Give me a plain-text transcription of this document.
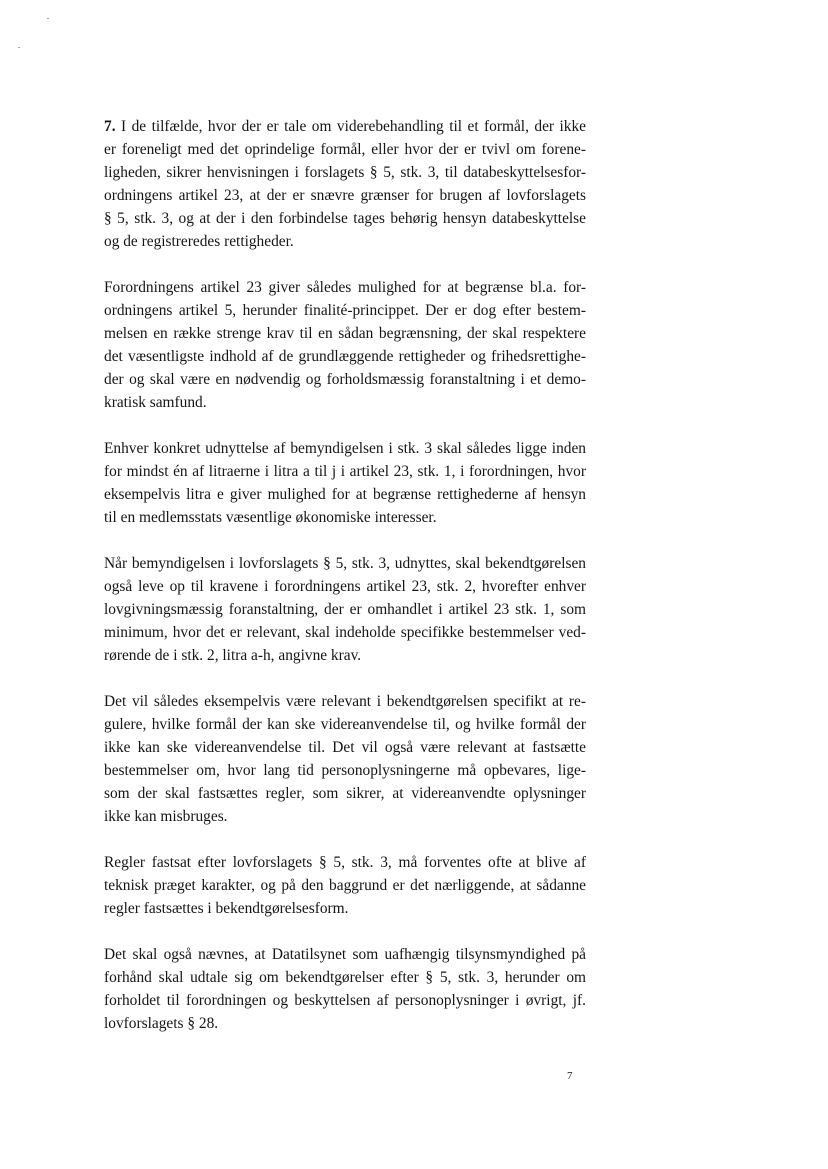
7. I de tilfælde, hvor der er tale om viderebehandling til et formål, der ikke
er foreneligt med det oprindelige formål, eller hvor der er tvivl om forene-
ligheden, sikrer henvisningen i forslagets § 5, stk. 3, til databeskyttelsesfor-
ordningens artikel 23, at der er snævre grænser for brugen af lovforslagets
§ 5, stk. 3, og at der i den forbindelse tages behørig hensyn databeskyttelse
og de registreredes rettigheder.

Forordningens artikel 23 giver således mulighed for at begrænse bl.a. for-
ordningens artikel 5, herunder finalité-princippet. Der er dog efter bestem-
melsen en række strenge krav til en sådan begrænsning, der skal respektere
det væsentligste indhold af de grundlæggende rettigheder og frihedsrettighe-
der og skal være en nødvendig og forholdsmæssig foranstaltning i et demo-
kratisk samfund.

Enhver konkret udnyttelse af bemyndigelsen i stk. 3 skal således ligge inden
for mindst én af litraerne i litra a til j i artikel 23, stk. 1, i forordningen, hvor
eksempelvis litra e giver mulighed for at begrænse rettighederne af hensyn
til en medlemsstats væsentlige økonomiske interesser.

Når bemyndigelsen i lovforslagets § 5, stk. 3, udnyttes, skal bekendtgørelsen
også leve op til kravene i forordningens artikel 23, stk. 2, hvorefter enhver
lovgivningsmæssig foranstaltning, der er omhandlet i artikel 23 stk. 1, som
minimum, hvor det er relevant, skal indeholde specifikke bestemmelser ved-
rørende de i stk. 2, litra a-h, angivne krav.

Det vil således eksempelvis være relevant i bekendtgørelsen specifikt at re-
gulere, hvilke formål der kan ske videreanvendelse til, og hvilke formål der
ikke kan ske videreanvendelse til. Det vil også være relevant at fastsætte
bestemmelser om, hvor lang tid personoplysningerne må opbevares, lige-
som der skal fastsættes regler, som sikrer, at videreanvendte oplysninger
ikke kan misbruges.

Regler fastsat efter lovforslagets § 5, stk. 3, må forventes ofte at blive af
teknisk præget karakter, og på den baggrund er det nærliggende, at sådanne
regler fastsættes i bekendtgørelsesform.

Det skal også nævnes, at Datatilsynet som uafhængig tilsynsmyndighed på
forhånd skal udtale sig om bekendtgørelser efter § 5, stk. 3, herunder om
forholdet til forordningen og beskyttelsen af personoplysninger i øvrigt, jf.
lovforslagets § 28.

7
